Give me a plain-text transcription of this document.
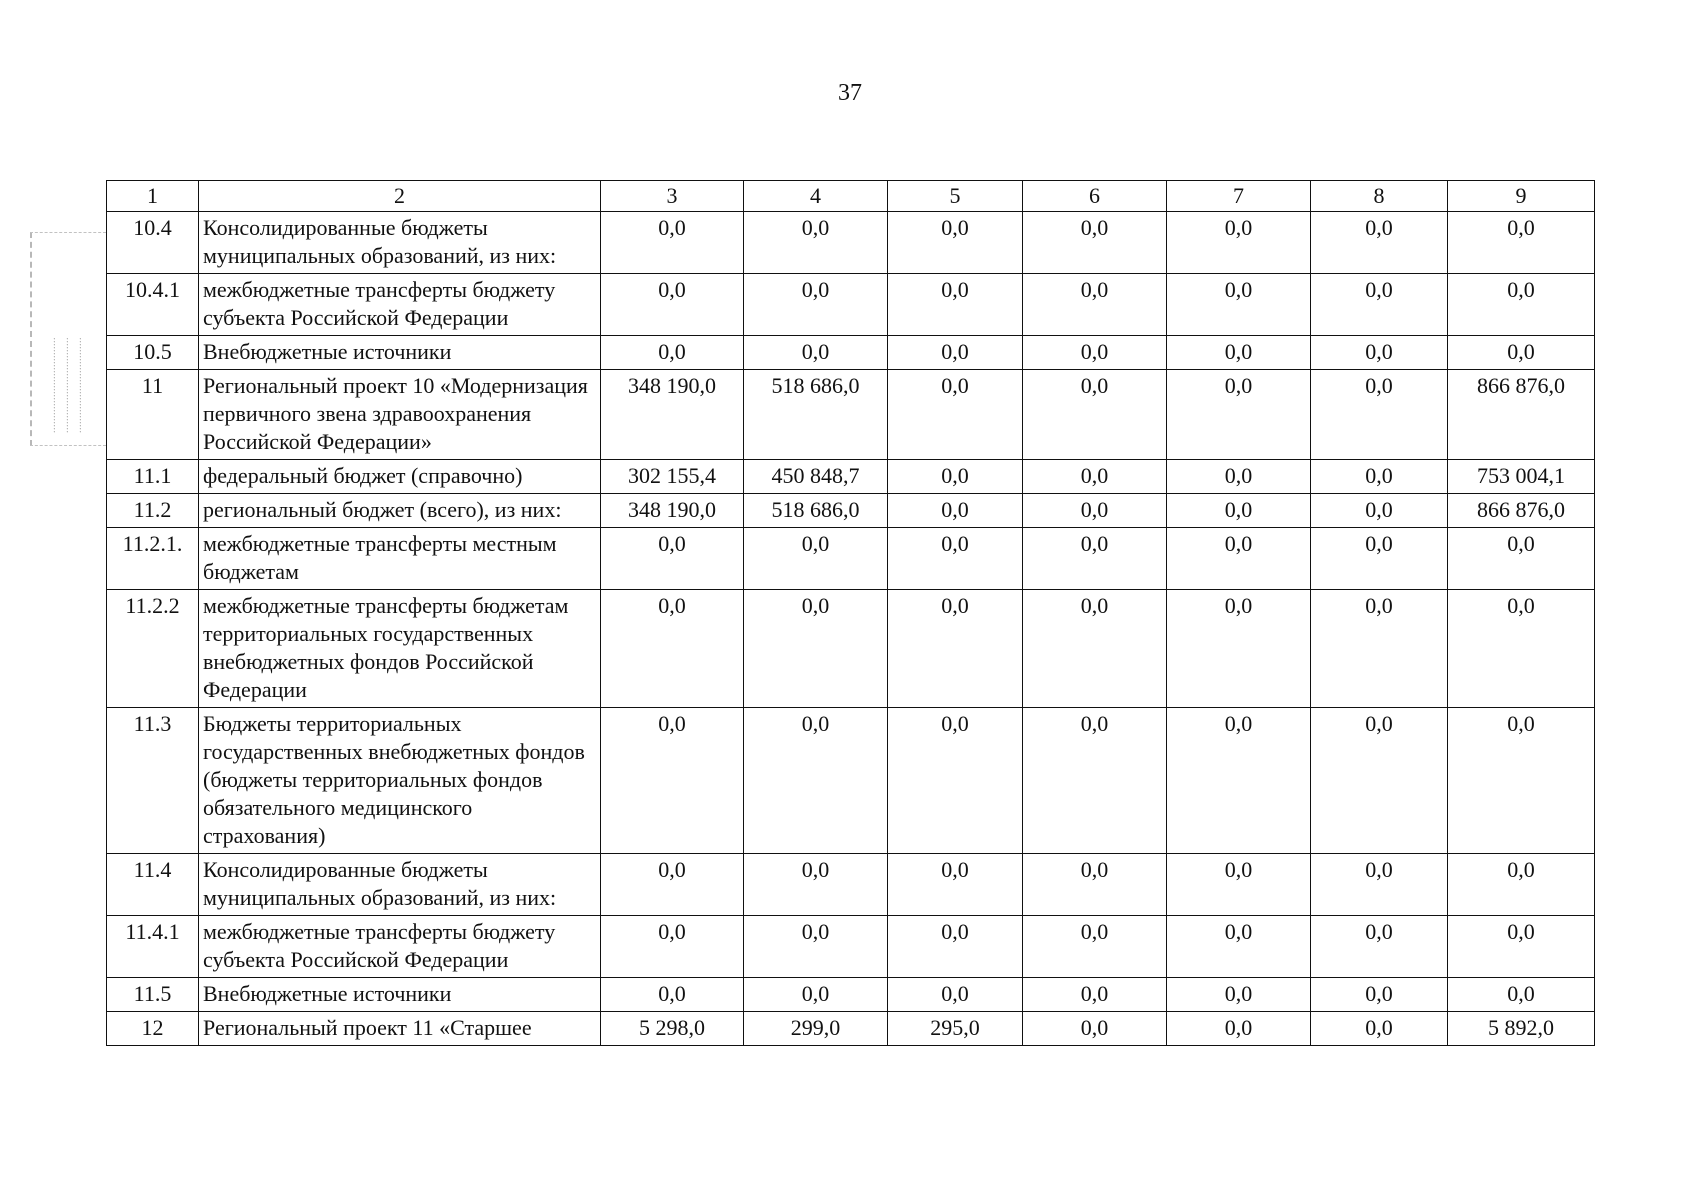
37
................................
................................
................................
1	2	3	4	5	6	7	8	9
10.4	Консолидированные бюджеты муниципальных образований, из них:	0,0	0,0	0,0	0,0	0,0	0,0	0,0
10.4.1	межбюджетные трансферты бюджету субъекта Российской Федерации	0,0	0,0	0,0	0,0	0,0	0,0	0,0
10.5	Внебюджетные источники	0,0	0,0	0,0	0,0	0,0	0,0	0,0
11	Региональный проект 10 «Модернизация первичного звена здравоохранения Российской Федерации»	348 190,0	518 686,0	0,0	0,0	0,0	0,0	866 876,0
11.1	федеральный бюджет (справочно)	302 155,4	450 848,7	0,0	0,0	0,0	0,0	753 004,1
11.2	региональный бюджет (всего), из них:	348 190,0	518 686,0	0,0	0,0	0,0	0,0	866 876,0
11.2.1.	межбюджетные трансферты местным бюджетам	0,0	0,0	0,0	0,0	0,0	0,0	0,0
11.2.2	межбюджетные трансферты бюджетам территориальных государственных внебюджетных фондов Российской Федерации	0,0	0,0	0,0	0,0	0,0	0,0	0,0
11.3	Бюджеты территориальных государственных внебюджетных фондов (бюджеты территориальных фондов обязательного медицинского страхования)	0,0	0,0	0,0	0,0	0,0	0,0	0,0
11.4	Консолидированные бюджеты муниципальных образований, из них:	0,0	0,0	0,0	0,0	0,0	0,0	0,0
11.4.1	межбюджетные трансферты бюджету субъекта Российской Федерации	0,0	0,0	0,0	0,0	0,0	0,0	0,0
11.5	Внебюджетные источники	0,0	0,0	0,0	0,0	0,0	0,0	0,0
12	Региональный проект 11 «Старшее	5 298,0	299,0	295,0	0,0	0,0	0,0	5 892,0
